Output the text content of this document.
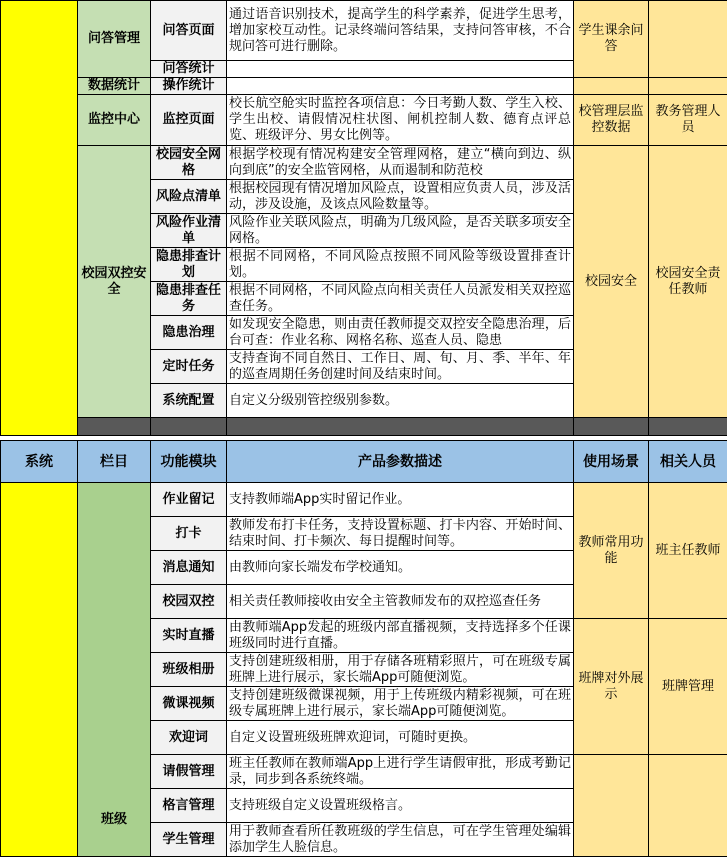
	问答管理	问答页面	通过语音识别技术，提高学生的科学素养，促进学生思考，增加家校互动性。记录终端问答结果，支持问答审核，不合规问答可进行删除。	学生课余问答	
		问答统计			
	数据统计	操作统计			
	监控中心	监控页面	校长航空舱实时监控各项信息：今日考勤人数、学生入校、学生出校、请假情况柱状图、闸机控制人数、德育点评总览、班级评分、男女比例等。	校管理层监控数据	教务管理人员
	校园双控安全	校园安全网格	根据学校现有情况构建安全管理网格，建立“横向到边、纵向到底”的安全监管网格，从而遏制和防范校	校园安全	校园安全责任教师
		风险点清单	根据校园现有情况增加风险点，设置相应负责人员，涉及活动，涉及设施，及该点风险数量等。		
		风险作业清单	风险作业关联风险点，明确为几级风险，是否关联多项安全网格。		
		隐患排查计划	根据不同网格，不同风险点按照不同风险等级设置排查计划。		
		隐患排查任务	根据不同网格，不同风险点向相关责任人员派发相关双控巡查任务。		
		隐患治理	如发现安全隐患，则由责任教师提交双控安全隐患治理，后台可查：作业名称、网格名称、巡查人员、隐患		
		定时任务	支持查询不同自然日、工作日、周、旬、月、季、半年、年的巡查周期任务创建时间及结束时间。		
		系统配置	自定义分级别管控级别参数。		

系统	栏目	功能模块	产品参数描述	使用场景	相关人员

	班级	作业留记	支持教师端App实时留记作业。	教师常用功能	班主任教师
		打卡	教师发布打卡任务，支持设置标题、打卡内容、开始时间、结束时间、打卡频次、每日提醒时间等。		
		消息通知	由教师向家长端发布学校通知。		
		校园双控	相关责任教师接收由安全主管教师发布的双控巡查任务		
		实时直播	由教师端App发起的班级内部直播视频，支持选择多个任课班级同时进行直播。	班牌对外展示	班牌管理
		班级相册	支持创建班级相册，用于存储各班精彩照片，可在班级专属班牌上进行展示，家长端App可随便浏览。		
		微课视频	支持创建班级微课视频，用于上传班级内精彩视频，可在班级专属班牌上进行展示，家长端App可随便浏览。		
		欢迎词	自定义设置班级班牌欢迎词，可随时更换。		
		请假管理	班主任教师在教师端App上进行学生请假审批，形成考勤记录，同步到各系统终端。		
		格言管理	支持班级自定义设置班级格言。		
		学生管理	用于教师查看所任教班级的学生信息，可在学生管理处编辑添加学生人脸信息。		
